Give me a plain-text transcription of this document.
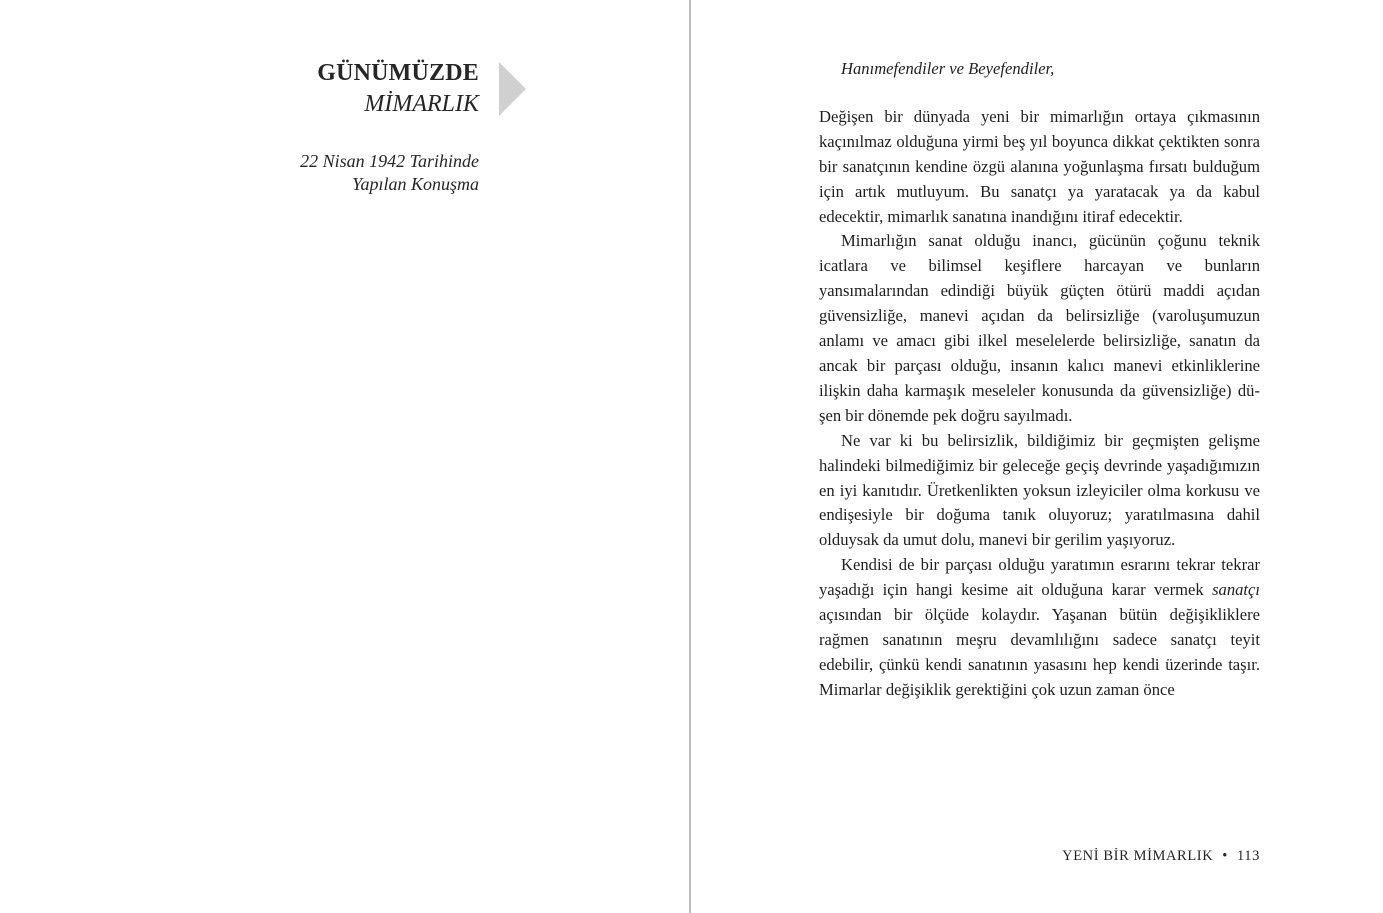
GÜNÜMÜZDE
MİMARLIK
22 Nisan 1942 Tarihinde
Yapılan Konuşma

Hanımefendiler ve Beyefendiler,

Değişen bir dünyada yeni bir mimarlığın ortaya çıkmasının kaçınılmaz olduğuna yirmi beş yıl boyunca dikkat çektikten sonra bir sanatçının kendine özgü alanına yoğunlaşma fırsatı bulduğum için artık mutluyum. Bu sanatçı ya yaratacak ya da kabul edecektir, mimarlık sanatına inandığını itiraf edecektir.

Mimarlığın sanat olduğu inancı, gücünün çoğunu teknik icatlara ve bilimsel keşiflere harcayan ve bunların yansımalarından edindiği büyük güçten ötürü maddi açıdan güvensizliğe, manevi açıdan da belirsizliğe (varoluşumuzun anlamı ve amacı gibi ilkel meselelerde belirsizliğe, sanatın da ancak bir parçası olduğu, insanın kalıcı manevi etkinliklerine ilişkin daha karmaşık meseleler konusunda da güvensizliğe) düşen bir dönemde pek doğru sayılmadı.

Ne var ki bu belirsizlik, bildiğimiz bir geçmişten gelişme halindeki bilmediğimiz bir geleceğe geçiş devrinde yaşadığımızın en iyi kanıtıdır. Üretkenlikten yoksun izleyiciler olma korkusu ve endişesiyle bir doğuma tanık oluyoruz; yaratılmasına dahil olduysak da umut dolu, manevi bir gerilim yaşıyoruz.

Kendisi de bir parçası olduğu yaratımın esrarını tekrar tekrar yaşadığı için hangi kesime ait olduğuna karar vermek sanatçı açısından bir ölçüde kolaydır. Yaşanan bütün değişikliklere rağmen sanatının meşru devamlılığını sadece sanatçı teyit edebilir, çünkü kendi sanatının yasasını hep kendi üzerinde taşır. Mimarlar değişiklik gerektiğini çok uzun zaman önce

YENİ BİR MİMARLIK • 113
